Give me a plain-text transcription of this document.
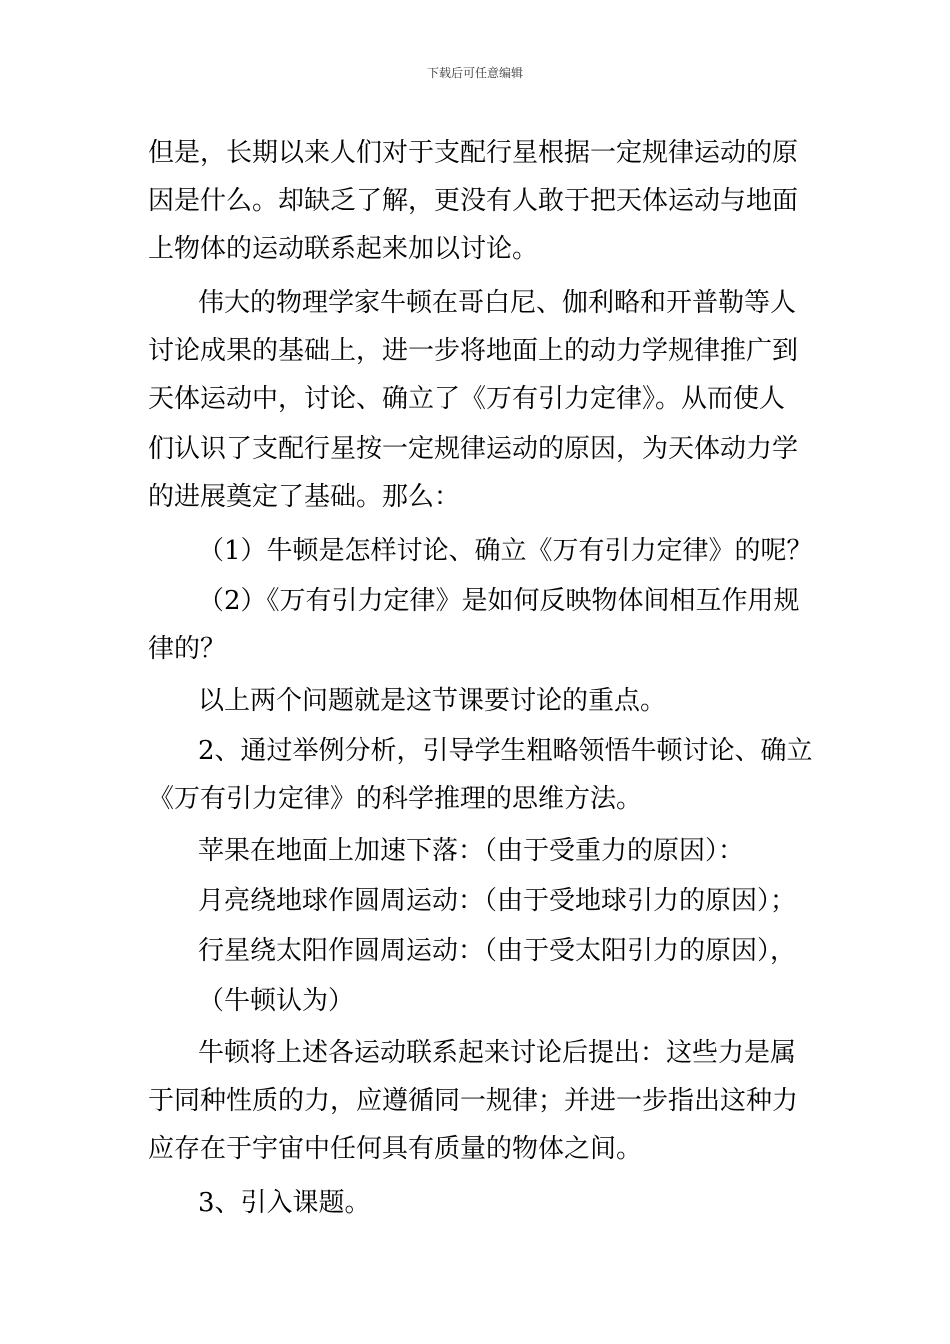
下载后可任意编辑
但是，长期以来人们对于支配行星根据一定规律运动的原
因是什么。却缺乏了解，更没有人敢于把天体运动与地面
上物体的运动联系起来加以讨论。
伟大的物理学家牛顿在哥白尼、伽利略和开普勒等人
讨论成果的基础上，进一步将地面上的动力学规律推广到
天体运动中，讨论、确立了《万有引力定律》。从而使人
们认识了支配行星按一定规律运动的原因，为天体动力学
的进展奠定了基础。那么：
（1）牛顿是怎样讨论、确立《万有引力定律》的呢？
（2）《万有引力定律》是如何反映物体间相互作用规
律的？
以上两个问题就是这节课要讨论的重点。
2、通过举例分析，引导学生粗略领悟牛顿讨论、确立
《万有引力定律》的科学推理的思维方法。
苹果在地面上加速下落：（由于受重力的原因）：
月亮绕地球作圆周运动：（由于受地球引力的原因）；
行星绕太阳作圆周运动：（由于受太阳引力的原因），
（牛顿认为）
牛顿将上述各运动联系起来讨论后提出：这些力是属
于同种性质的力，应遵循同一规律；并进一步指出这种力
应存在于宇宙中任何具有质量的物体之间。
3、引入课题。
